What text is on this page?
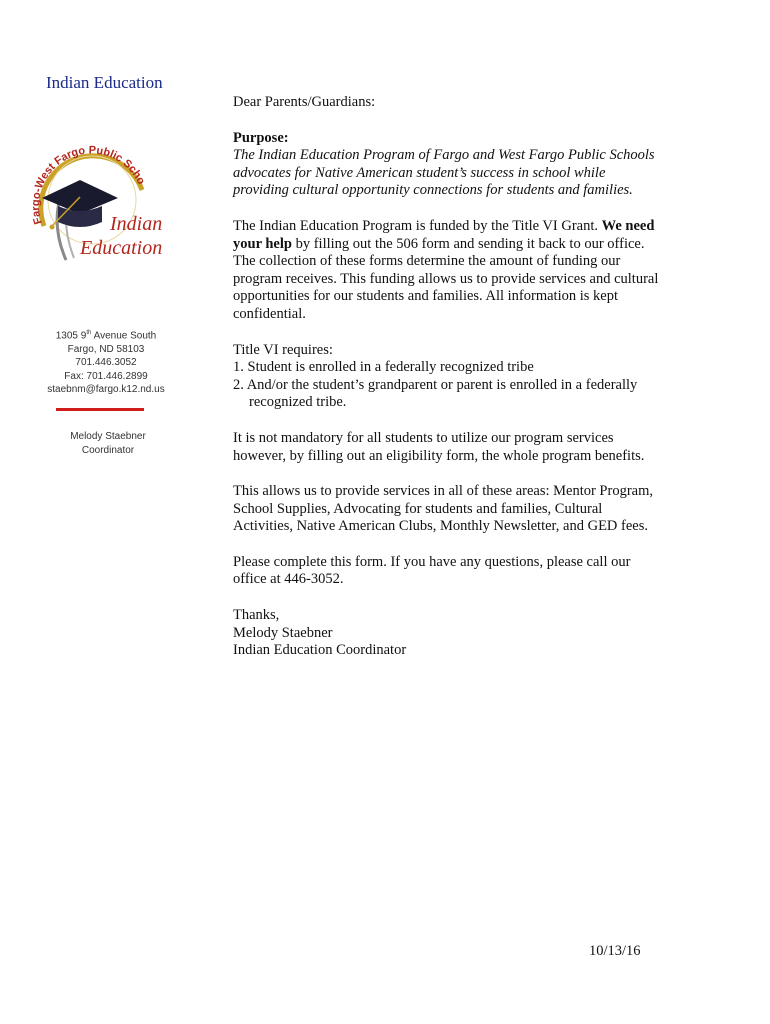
Indian Education
Fargo-West Fargo Public Scho
Indian
Education
1305 9th Avenue South
Fargo, ND 58103
701.446.3052
Fax: 701.446.2899
staebnm@fargo.k12.nd.us
Melody Staebner
Coordinator

Dear Parents/Guardians:

Purpose:

The Indian Education Program of Fargo and West Fargo Public Schools advocates for Native American student’s success in school while providing cultural opportunity connections for students and families.

The Indian Education Program is funded by the Title VI Grant. We need your help by filling out the 506 form and sending it back to our office. The collection of these forms determine the amount of funding our program receives. This funding allows us to provide services and cultural opportunities for our students and families. All information is kept confidential.

Title VI requires:

1. Student is enrolled in a federally recognized tribe
2. And/or the student’s grandparent or parent is enrolled in a federally recognized tribe.

It is not mandatory for all students to utilize our program services however, by filling out an eligibility form, the whole program benefits.

This allows us to provide services in all of these areas: Mentor Program, School Supplies, Advocating for students and families, Cultural Activities, Native American Clubs, Monthly Newsletter, and GED fees.

Please complete this form. If you have any questions, please call our office at 446-3052.

Thanks,

Melody Staebner

Indian Education Coordinator

10/13/16
